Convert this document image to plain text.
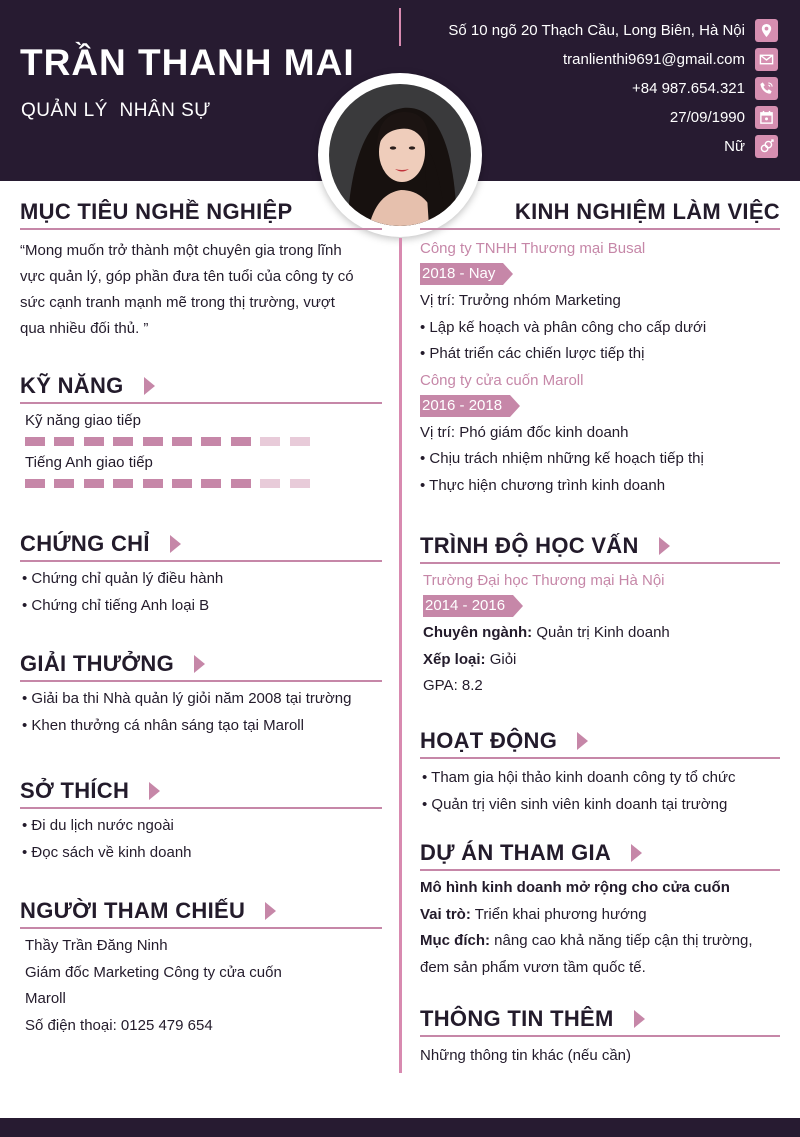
TRẦN THANH MAI
QUẢN LÝ  NHÂN SỰ
Số 10 ngõ 20 Thạch Cầu, Long Biên, Hà Nội
tranlienthi9691@gmail.com
+84 987.654.321
27/09/1990
Nữ
MỤC TIÊU NGHỀ NGHIỆP
“Mong muốn trở thành một chuyên gia trong lĩnh
vực quản lý, góp phần đưa tên tuổi của công ty có
sức cạnh tranh mạnh mẽ trong thị trường, vượt
qua nhiều đối thủ. ”
KỸ NĂNG
Kỹ năng giao tiếp
Tiếng Anh giao tiếp
CHỨNG CHỈ
• Chứng chỉ quản lý điều hành
• Chứng chỉ tiếng Anh loại B
GIẢI THƯỞNG
• Giải ba thi Nhà quản lý giỏi năm 2008 tại trường
• Khen thưởng cá nhân sáng tạo tại Maroll
SỞ THÍCH
• Đi du lịch nước ngoài
• Đọc sách về kinh doanh
NGƯỜI THAM CHIẾU
Thầy Trần Đăng Ninh
Giám đốc Marketing Công ty cửa cuốn
Maroll
Số điện thoại: 0125 479 654
KINH NGHIỆM LÀM VIỆC
Công ty TNHH Thương mại Busal
2018 - Nay
Vị trí: Trưởng nhóm Marketing
• Lập kế hoạch và phân công cho cấp dưới
• Phát triển các chiến lược tiếp thị
Công ty cửa cuốn Maroll
2016 - 2018
Vị trí: Phó giám đốc kinh doanh
• Chịu trách nhiệm những kế hoạch tiếp thị
• Thực hiện chương trình kinh doanh
TRÌNH ĐỘ HỌC VẤN
Trường Đại học Thương mại Hà Nội
2014 - 2016
Chuyên ngành: Quản trị Kinh doanh
Xếp loại: Giỏi
GPA: 8.2
HOẠT ĐỘNG
• Tham gia hội thảo kinh doanh công ty tổ chức
• Quản trị viên sinh viên kinh doanh tại trường
DỰ ÁN THAM GIA
Mô hình kinh doanh mở rộng cho cửa cuốn
Vai trò: Triển khai phương hướng
Mục đích: nâng cao khả năng tiếp cận thị trường,
đem sản phẩm vươn tầm quốc tế.
THÔNG TIN THÊM
Những thông tin khác (nếu cần)
